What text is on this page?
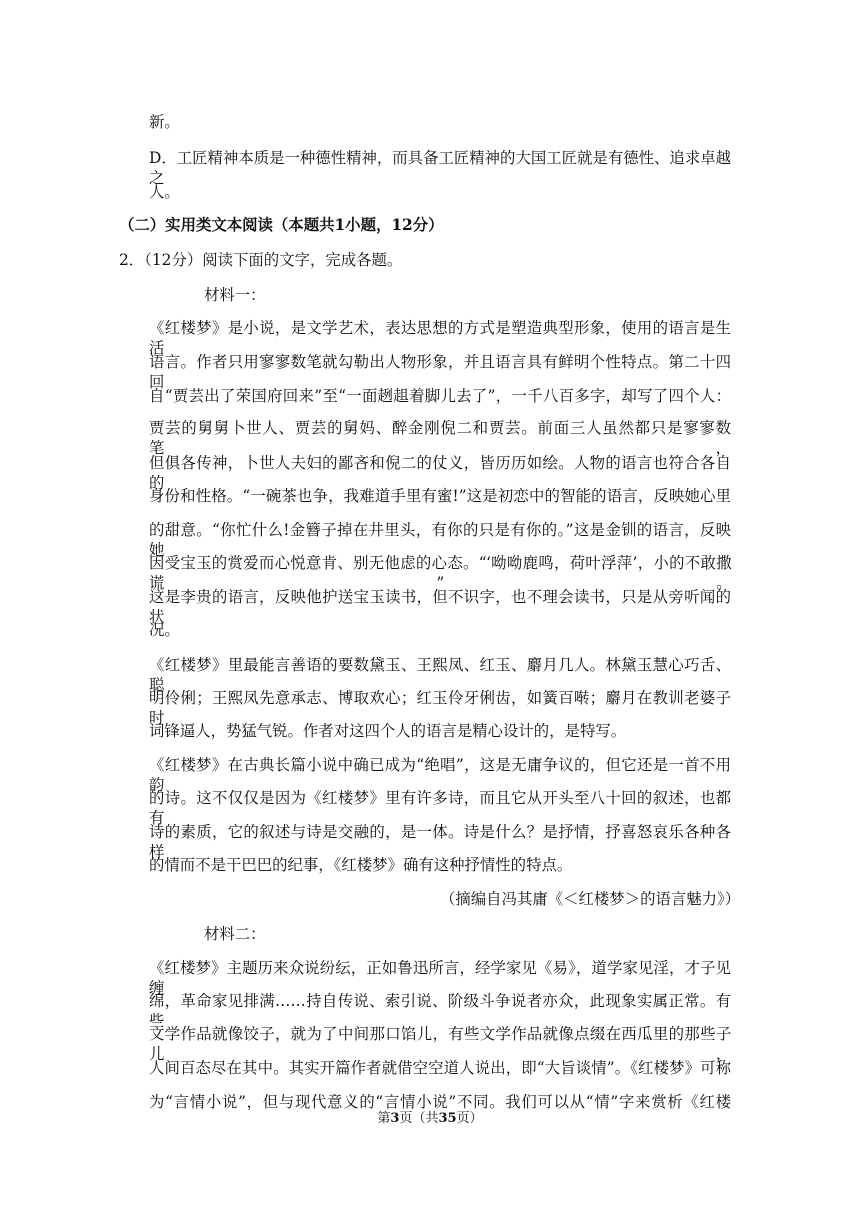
新。
D．工匠精神本质是一种德性精神，而具备工匠精神的大国工匠就是有德性、追求卓越之
人。
（二）实用类文本阅读（本题共1小题，12分）
2．（12分）阅读下面的文字，完成各题。
材料一：
《红楼梦》是小说，是文学艺术，表达思想的方式是塑造典型形象，使用的语言是生活
语言。作者只用寥寥数笔就勾勒出人物形象，并且语言具有鲜明个性特点。第二十四回
自“贾芸出了荣国府回来”至“一面趔趄着脚儿去了”，一千八百多字，却写了四个人：
贾芸的舅舅卜世人、贾芸的舅妈、醉金刚倪二和贾芸。前面三人虽然都只是寥寥数笔，
但俱各传神，卜世人夫妇的鄙吝和倪二的仗义，皆历历如绘。人物的语言也符合各自的
身份和性格。“一碗茶也争，我难道手里有蜜!”这是初恋中的智能的语言，反映她心里
的甜意。“你忙什么!金簪子掉在井里头，有你的只是有你的。”这是金钏的语言，反映她
因受宝玉的赏爱而心悦意肯、别无他虑的心态。“‘呦呦鹿鸣，荷叶浮萍’，小的不敢撒谎”。
这是李贵的语言，反映他护送宝玉读书，但不识字，也不理会读书，只是从旁听闻的状
况。
《红楼梦》里最能言善语的要数黛玉、王熙凤、红玉、麝月几人。林黛玉慧心巧舌、聪
明伶俐；王熙凤先意承志、博取欢心；红玉伶牙俐齿，如簧百啭；麝月在教训老婆子时
词锋逼人，势猛气锐。作者对这四个人的语言是精心设计的，是特写。
《红楼梦》在古典长篇小说中确已成为“绝唱”，这是无庸争议的，但它还是一首不用韵
的诗。这不仅仅是因为《红楼梦》里有许多诗，而且它从开头至八十回的叙述，也都有
诗的素质，它的叙述与诗是交融的，是一体。诗是什么？是抒情，抒喜怒哀乐各种各样
的情而不是干巴巴的纪事，《红楼梦》确有这种抒情性的特点。
（摘编自冯其庸《＜红楼梦＞的语言魅力》）
材料二：
《红楼梦》主题历来众说纷纭，正如鲁迅所言，经学家见《易》，道学家见淫，才子见缠
绵，革命家见排满……持自传说、索引说、阶级斗争说者亦众，此现象实属正常。有些
文学作品就像饺子，就为了中间那口馅儿，有些文学作品就像点缀在西瓜里的那些子儿，
人间百态尽在其中。其实开篇作者就借空空道人说出，即“大旨谈情”。《红楼梦》可称
为“言情小说”，但与现代意义的“言情小说”不同。我们可以从“情”字来赏析《红楼
第3页（共35页）
